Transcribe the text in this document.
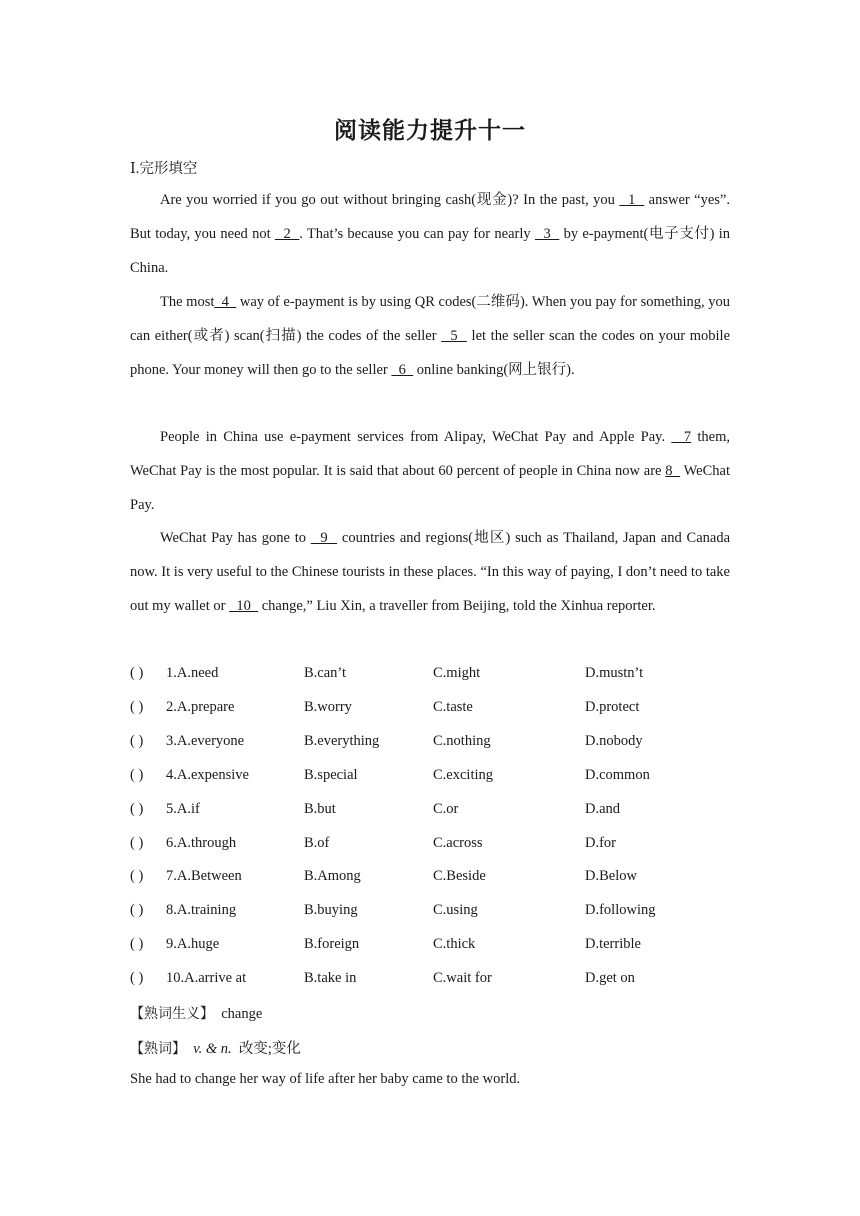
阅读能力提升十一
Ⅰ.完形填空
Are you worried if you go out without bringing cash(现金)? In the past, you   1   answer “yes”. But today, you need not   2  . That’s because you can pay for nearly   3   by e-payment(电子支付) in China.
The most  4   way of e-payment is by using QR codes(二维码). When you pay for something, you can either(或者) scan(扫描) the codes of the seller   5   let the seller scan the codes on your mobile phone. Your money will then go to the seller   6   online banking(网上银行).
People in China use e-payment services from Alipay, WeChat Pay and Apple Pay.   7 them, WeChat Pay is the most popular. It is said that about 60 percent of people in China now are 8   WeChat Pay.
WeChat Pay has gone to   9   countries and regions(地区) such as Thailand, Japan and Canada now. It is very useful to the Chinese tourists in these places. “In this way of paying, I don’t need to take out my wallet or   10   change,” Liu Xin, a traveller from Beijing, told the Xinhua reporter.
( ) 1.A.need	B.can’t	C.might	D.mustn’t
( ) 2.A.prepare	B.worry	C.taste	D.protect
( ) 3.A.everyone	B.everything	C.nothing	D.nobody
( ) 4.A.expensive	B.special	C.exciting	D.common
( ) 5.A.if	B.but	C.or	D.and
( ) 6.A.through	B.of	C.across	D.for
( ) 7.A.Between	B.Among	C.Beside	D.Below
( ) 8.A.training	B.buying	C.using	D.following
( ) 9.A.huge	B.foreign	C.thick	D.terrible
( ) 10.A.arrive at	B.take in	C.wait for	D.get on
【熟词生义】 change
【熟词】 v. & n. 改变;变化
She had to change her way of life after her baby came to the world.
